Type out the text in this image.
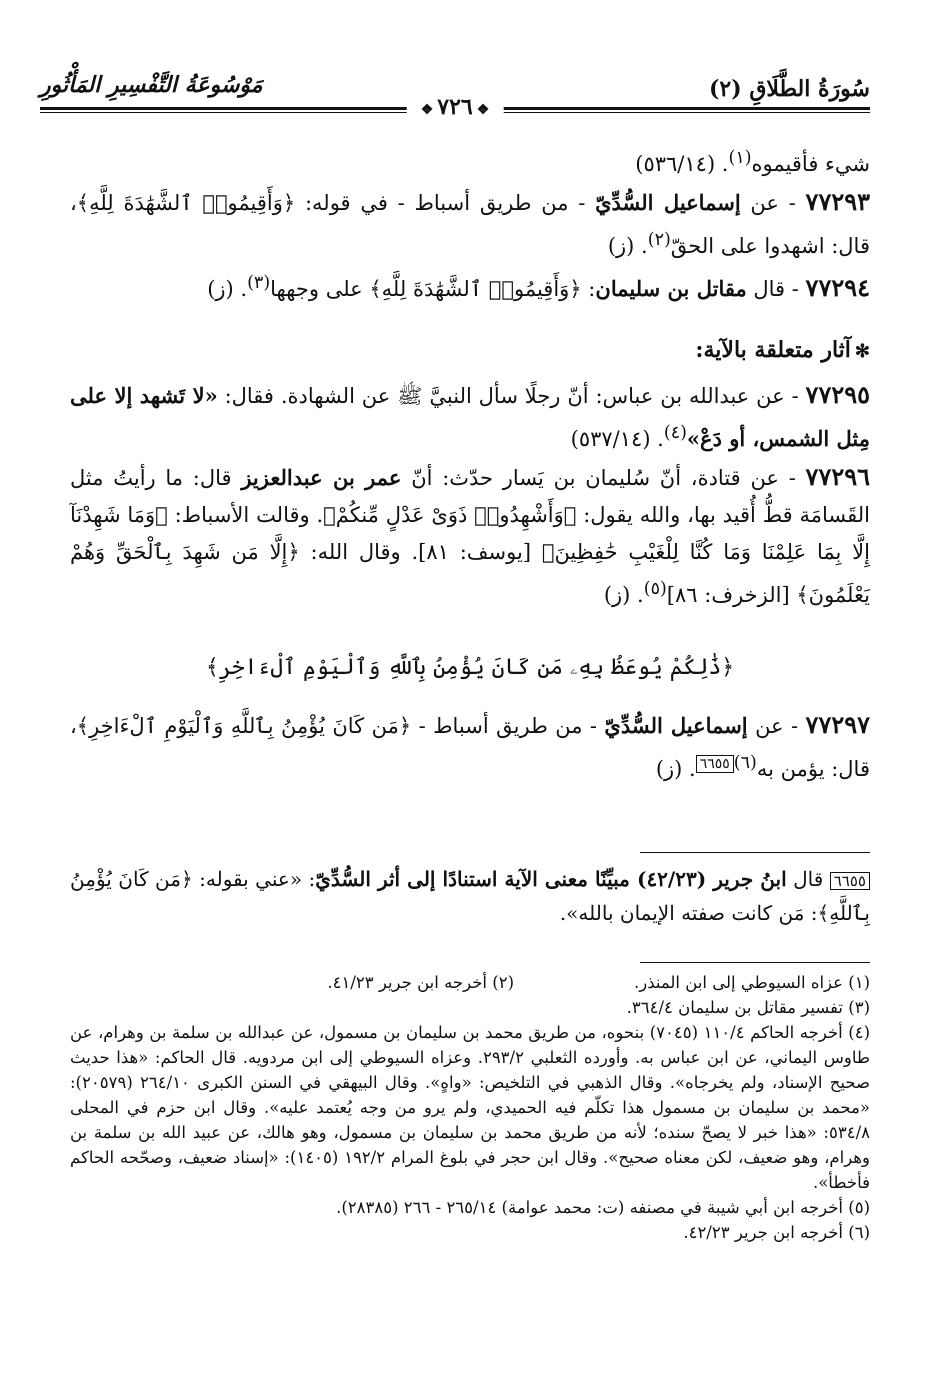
سُورَةُ الطَّلَاقِ (٢)
مَوْسُوعَةُ التَّفْسِيرِ المَأْثُورِ
❖٧٢٦❖

شيء فأقيموه$^{(١)}$. (٥٣٦/١٤)

٧٧٢٩٣ - عن إسماعيل السُّدِّيّ - من طريق أسباط - في قوله: ﴿وَأَقِيمُوا۟ ٱلشَّهَٰدَةَ لِلَّهِ﴾، قال: اشهدوا على الحقّ$^{(٢)}$. (ز)

٧٧٢٩٤ - قال مقاتل بن سليمان: ﴿وَأَقِيمُوا۟ ٱلشَّهَٰدَةَ لِلَّهِ﴾ على وجهها$^{(٣)}$. (ز)

✻آثار متعلقة بالآية:

٧٧٢٩٥ - عن عبدالله بن عباس: أنّ رجلًا سأل النبيَّ ﷺ عن الشهادة. فقال: «لا تَشهد إلا على مِثل الشمس، أو دَعْ»$^{(٤)}$. (٥٣٧/١٤)

٧٧٢٩٦ - عن قتادة، أنّ سُليمان بن يَسار حدّث: أنّ عمر بن عبدالعزيز قال: ما رأيتُ مثل القَسامَة قطُّ أُقيد بها، والله يقول: ﴿وَأَشْهِدُوا۟ ذَوَىْ عَدْلٍ مِّنكُمْ﴾. وقالت الأسباط: ﴿وَمَا شَهِدْنَآ إِلَّا بِمَا عَلِمْنَا وَمَا كُنَّا لِلْغَيْبِ حَٰفِظِينَ﴾ [يوسف: ٨١]. وقال الله: ﴿إِلَّا مَن شَهِدَ بِٱلْحَقِّ وَهُمْ يَعْلَمُونَ﴾ [الزخرف: ٨٦]$^{(٥)}$. (ز)

﴿ذَٰلِكُمْ يُوعَظُ بِهِۦ مَن كَانَ يُؤْمِنُ بِٱللَّهِ وَٱلْيَوْمِ ٱلْءَاخِرِ﴾

٧٧٢٩٧ - عن إسماعيل السُّدِّيّ - من طريق أسباط - ﴿مَن كَانَ يُؤْمِنُ بِٱللَّهِ وَٱلْيَوْمِ ٱلْءَاخِرِ﴾، قال: يؤمن به$^{(٦)}$٦٦٥٥. (ز)

٦٦٥٥ قال ابنُ جرير (٤٢/٢٣) مبيِّنًا معنى الآية استنادًا إلى أثر السُّدِّيّ: «عني بقوله: ﴿مَن كَانَ يُؤْمِنُ بِٱللَّهِ﴾: مَن كانت صفته الإيمان بالله».

(١) عزاه السيوطي إلى ابن المنذر.

(٢) أخرجه ابن جرير ٤١/٢٣.

(٣) تفسير مقاتل بن سليمان ٣٦٤/٤.

(٤) أخرجه الحاكم ١١٠/٤ (٧٠٤٥) بنحوه، من طريق محمد بن سليمان بن مسمول، عن عبدالله بن سلمة بن وهرام، عن طاوس اليماني، عن ابن عباس به. وأورده الثعلبي ٢٩٣/٢. وعزاه السيوطي إلى ابن مردويه. قال الحاكم: «هذا حديث صحيح الإسناد، ولم يخرجاه». وقال الذهبي في التلخيص: «واهٍ». وقال البيهقي في السنن الكبرى ٢٦٤/١٠ (٢٠٥٧٩): «محمد بن سليمان بن مسمول هذا تكلّم فيه الحميدي، ولم يرو من وجه يُعتمد عليه». وقال ابن حزم في المحلى ٥٣٤/٨: «هذا خبر لا يصحّ سنده؛ لأنه من طريق محمد بن سليمان بن مسمول، وهو هالك، عن عبيد الله بن سلمة بن وهرام، وهو ضعيف، لكن معناه صحيح». وقال ابن حجر في بلوغ المرام ١٩٢/٢ (١٤٠٥): «إسناد ضعيف، وصحّحه الحاكم فأخطأ».

(٥) أخرجه ابن أبي شيبة في مصنفه (ت: محمد عوامة) ٢٦٥/١٤ - ٢٦٦ (٢٨٣٨٥).

(٦) أخرجه ابن جرير ٤٢/٢٣.
